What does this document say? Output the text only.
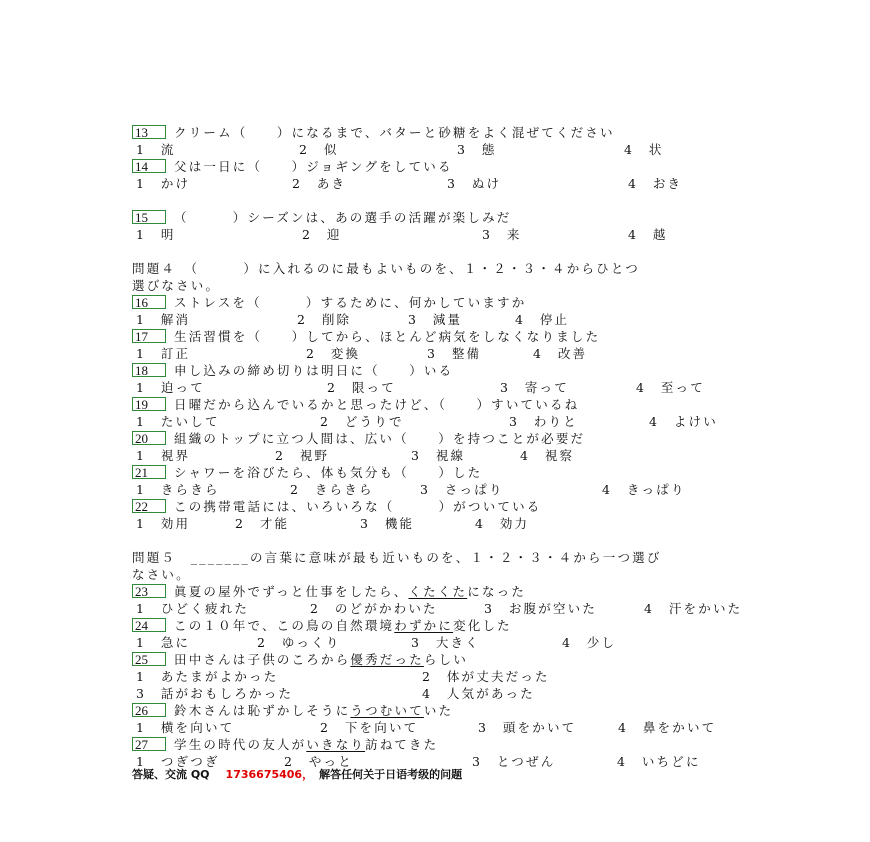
13 クリーム（　　）になるまで、バターと砂糖をよく混ぜてください
1　流	2　似	3　態	4　状
14 父は一日に（　　）ジョギングをしている
1　かけ	2　あき	3　ぬけ	4　おき
15 （　　　）シーズンは、あの選手の活躍が楽しみだ
1　明	2　迎	3　来	4　越
問題４　（　　　）に入れるのに最もよいものを、１・２・３・４からひとつ
選びなさい。
16 ストレスを（　　　）するために、何かしていますか
1　解消	2　削除	3　減量	4　停止
17 生活習慣を（　　）してから、ほとんど病気をしなくなりました
1　訂正	2　変換	3　整備	4　改善
18 申し込みの締め切りは明日に（　　）いる
1　迫って	2　限って	3　寄って	4　至って
19 日曜だから込んでいるかと思ったけど、（　　）すいているね
1　たいして	2　どうりで	3　わりと	4　よけい
20 組織のトップに立つ人間は、広い（　　）を持つことが必要だ
1　視界	2　視野	3　視線	4　視察
21 シャワーを浴びたら、体も気分も（　　）した
1　きらきら	2　きらきら	3　さっぱり	4　きっぱり
22 この携帯電話には、いろいろな（　　　）がついている
1　効用	2　才能	3　機能	4　効力
問題５　_______の言葉に意味が最も近いものを、１・２・３・４から一つ選び
なさい。
23 眞夏の屋外でずっと仕事をしたら、くたくたになった
1　ひどく疲れた	2　のどがかわいた	3　お腹が空いた	4　汗をかいた
24 この１０年で、この鳥の自然環境わずかに変化した
1　急に	2　ゆっくり	3　大きく	4　少し
25 田中さんは子供のころから優秀だったらしい
1　あたまがよかった	2　体が丈夫だった
3　話がおもしろかった	4　人気があった
26 鈴木さんは恥ずかしそうにうつむいていた
1　横を向いて	2　下を向いて	3　頭をかいて	4　鼻をかいて
27 学生の時代の友人がいきなり訪ねてきた
1　つぎつぎ	2　やっと	3　とつぜん	4　いちどに
答疑、交流 QQ 1736675406， 解答任何关于日语考级的问题
